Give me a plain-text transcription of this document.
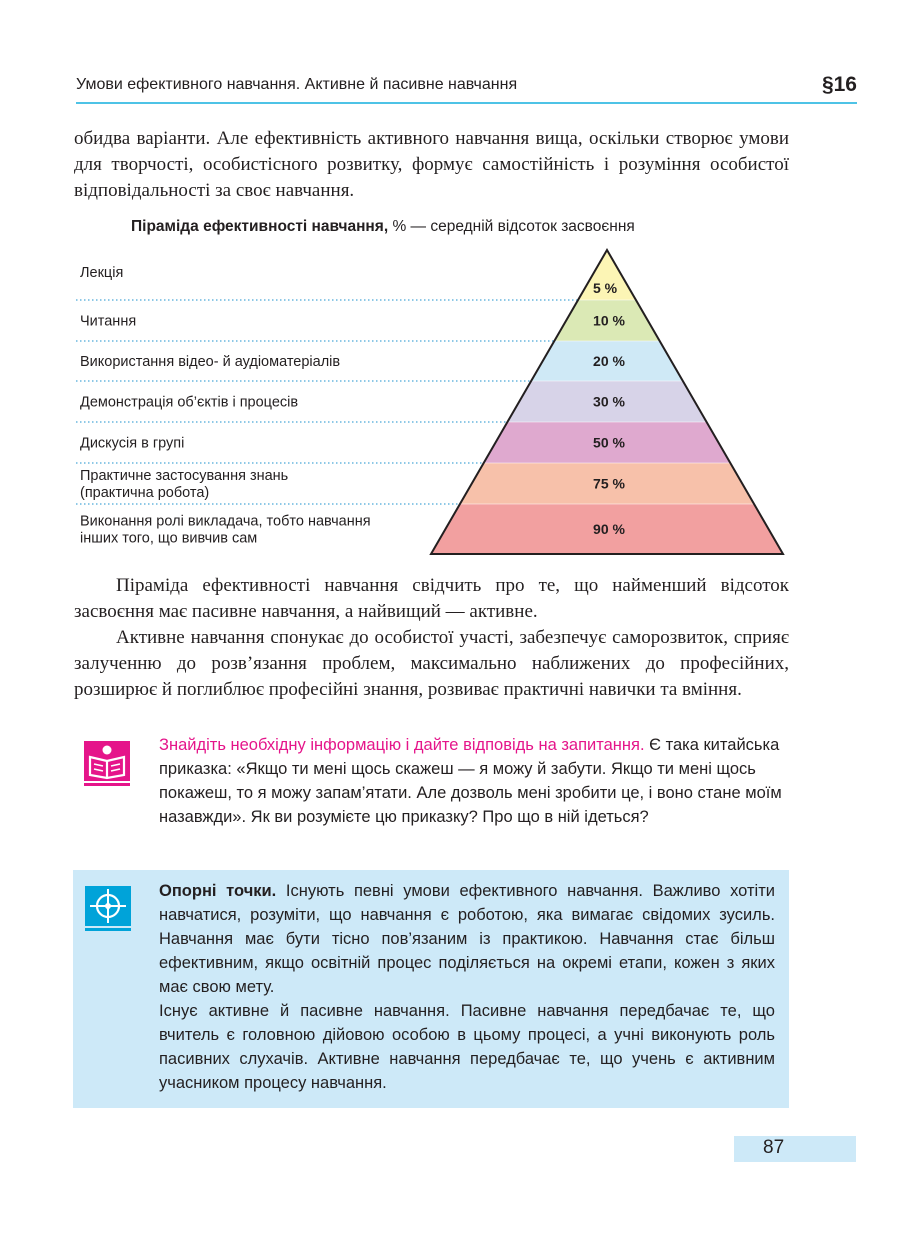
Умови ефективного навчання. Активне й пасивне навчання	§16

обидва варіанти. Але ефективність активного навчання вища, оскільки створює умови для творчості, особистісного розвитку, формує самостійність і розуміння особистої відповідальності за своє навчання.

Піраміда ефективності навчання, % — середній відсоток засвоєння
5 %
Лекція
10 %
Читання
20 %
Використання відео- й аудіоматеріалів
30 %
Демонстрація об’єктів і процесів
50 %
Дискусія в групі
75 %
Практичне застосування знань (практична робота)
90 %
Виконання ролі викладача, тобто навчання інших того, що вивчив сам

Піраміда ефективності навчання свідчить про те, що найменший відсоток засвоєння має пасивне навчання, а найвищий — активне.

Активне навчання спонукає до особистої участі, забезпечує саморозвиток, сприяє залученню до розв’язання проблем, максимально наближених до професійних, розширює й поглиблює професійні знання, розвиває практичні навички та вміння.

Знайдіть необхідну інформацію і дайте відповідь на запитання. Є така китайська приказка: «Якщо ти мені щось скажеш — я можу й забути. Якщо ти мені щось покажеш, то я можу запам’ятати. Але дозволь мені зробити це, і воно стане моїм назавжди». Як ви розумієте цю приказку? Про що в ній ідеться?

Опорні точки. Існують певні умови ефективного навчання. Важливо хотіти навчатися, розуміти, що навчання є роботою, яка вимагає свідомих зусиль. Навчання має бути тісно пов’язаним із практикою. Навчання стає більш ефективним, якщо освітній процес поділяється на окремі етапи, кожен з яких має свою мету.

Існує активне й пасивне навчання. Пасивне навчання передбачає те, що вчитель є головною дійовою особою в цьому процесі, а учні виконують роль пасивних слухачів. Активне навчання передбачає те, що учень є активним учасником процесу навчання.

87
